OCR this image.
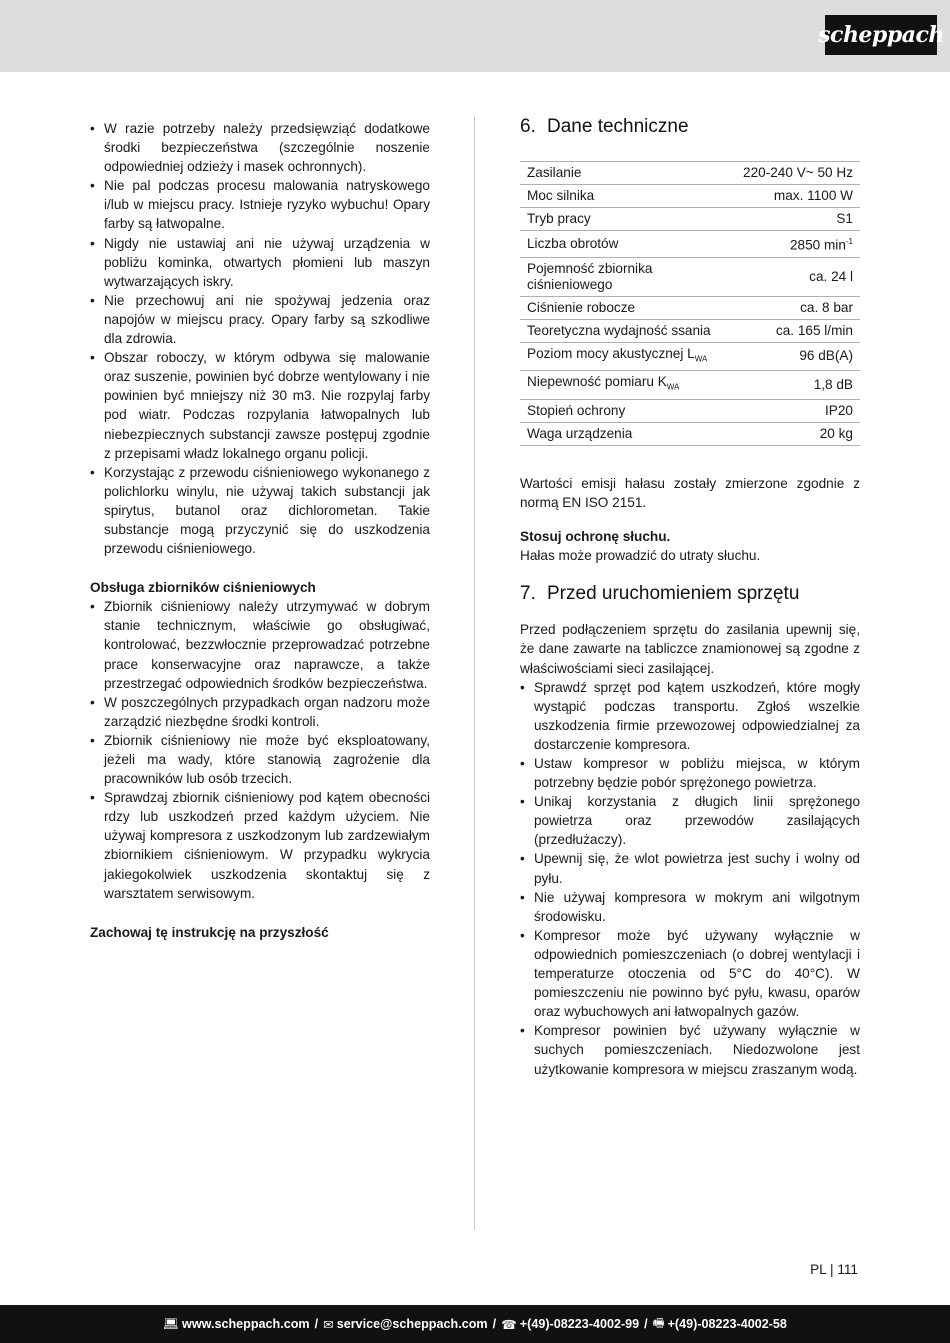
scheppach
• W razie potrzeby należy przedsięwziąć dodatkowe środki bezpieczeństwa (szczególnie noszenie odpowiedniej odzieży i masek ochronnych).
• Nie pal podczas procesu malowania natryskowego i/lub w miejscu pracy. Istnieje ryzyko wybuchu! Opary farby są łatwopalne.
• Nigdy nie ustawiaj ani nie używaj urządzenia w pobliżu kominka, otwartych płomieni lub maszyn wytwarzających iskry.
• Nie przechowuj ani nie spożywaj jedzenia oraz napojów w miejscu pracy. Opary farby są szkodliwe dla zdrowia.
• Obszar roboczy, w którym odbywa się malowanie oraz suszenie, powinien być dobrze wentylowany i nie powinien być mniejszy niż 30 m3. Nie rozpylaj farby pod wiatr. Podczas rozpylania łatwopalnych lub niebezpiecznych substancji zawsze postępuj zgodnie z przepisami władz lokalnego organu policji.
• Korzystając z przewodu ciśnieniowego wykonanego z polichlorku winylu, nie używaj takich substancji jak spirytus, butanol oraz dichlorometan. Takie substancje mogą przyczynić się do uszkodzenia przewodu ciśnieniowego.
Obsługa zbiorników ciśnieniowych
• Zbiornik ciśnieniowy należy utrzymywać w dobrym stanie technicznym, właściwie go obsługiwać, kontrolować, bezzwłocznie przeprowadzać potrzebne prace konserwacyjne oraz naprawcze, a także przestrzegać odpowiednich środków bezpieczeństwa.
• W poszczególnych przypadkach organ nadzoru może zarządzić niezbędne środki kontroli.
• Zbiornik ciśnieniowy nie może być eksploatowany, jeżeli ma wady, które stanowią zagrożenie dla pracowników lub osób trzecich.
• Sprawdzaj zbiornik ciśnieniowy pod kątem obecności rdzy lub uszkodzeń przed każdym użyciem. Nie używaj kompresora z uszkodzonym lub zardzewiałym zbiornikiem ciśnieniowym. W przypadku wykrycia jakiegokolwiek uszkodzenia skontaktuj się z warsztatem serwisowym.
Zachowaj tę instrukcję na przyszłość
6. Dane techniczne
Zasilanie	220-240 V~ 50 Hz
Moc silnika	max. 1100 W
Tryb pracy	S1
Liczba obrotów	2850 $\min^{-1}$
Pojemność zbiornika ciśnieniowego	ca. 24 l
Ciśnienie robocze	ca. 8 bar
Teoretyczna wydajność ssania	ca. 165 l/min
Poziom mocy akustycznej $L_{WA}$	96 dB(A)
Niepewność pomiaru $K_{WA}$	1,8 dB
Stopień ochrony	IP20
Waga urządzenia	20 kg
Wartości emisji hałasu zostały zmierzone zgodnie z normą EN ISO 2151.
Stosuj ochronę słuchu.
Hałas może prowadzić do utraty słuchu.
7. Przed uruchomieniem sprzętu
Przed podłączeniem sprzętu do zasilania upewnij się, że dane zawarte na tabliczce znamionowej są zgodne z właściwościami sieci zasilającej.
• Sprawdź sprzęt pod kątem uszkodzeń, które mogły wystąpić podczas transportu. Zgłoś wszelkie uszkodzenia firmie przewozowej odpowiedzialnej za dostarczenie kompresora.
• Ustaw kompresor w pobliżu miejsca, w którym potrzebny będzie pobór sprężonego powietrza.
• Unikaj korzystania z długich linii sprężonego powietrza oraz przewodów zasilających (przedłużaczy).
• Upewnij się, że wlot powietrza jest suchy i wolny od pyłu.
• Nie używaj kompresora w mokrym ani wilgotnym środowisku.
• Kompresor może być używany wyłącznie w odpowiednich pomieszczeniach (o dobrej wentylacji i temperaturze otoczenia od 5°C do 40°C). W pomieszczeniu nie powinno być pyłu, kwasu, oparów oraz wybuchowych ani łatwopalnych gazów.
• Kompresor powinien być używany wyłącznie w suchych pomieszczeniach. Niedozwolone jest użytkowanie kompresora w miejscu zraszanym wodą.
PL | 111
💻︎ www.scheppach.com / ✉︎ service@scheppach.com / ☎ +(49)-08223-4002-99 / 🖷︎ +(49)-08223-4002-58
